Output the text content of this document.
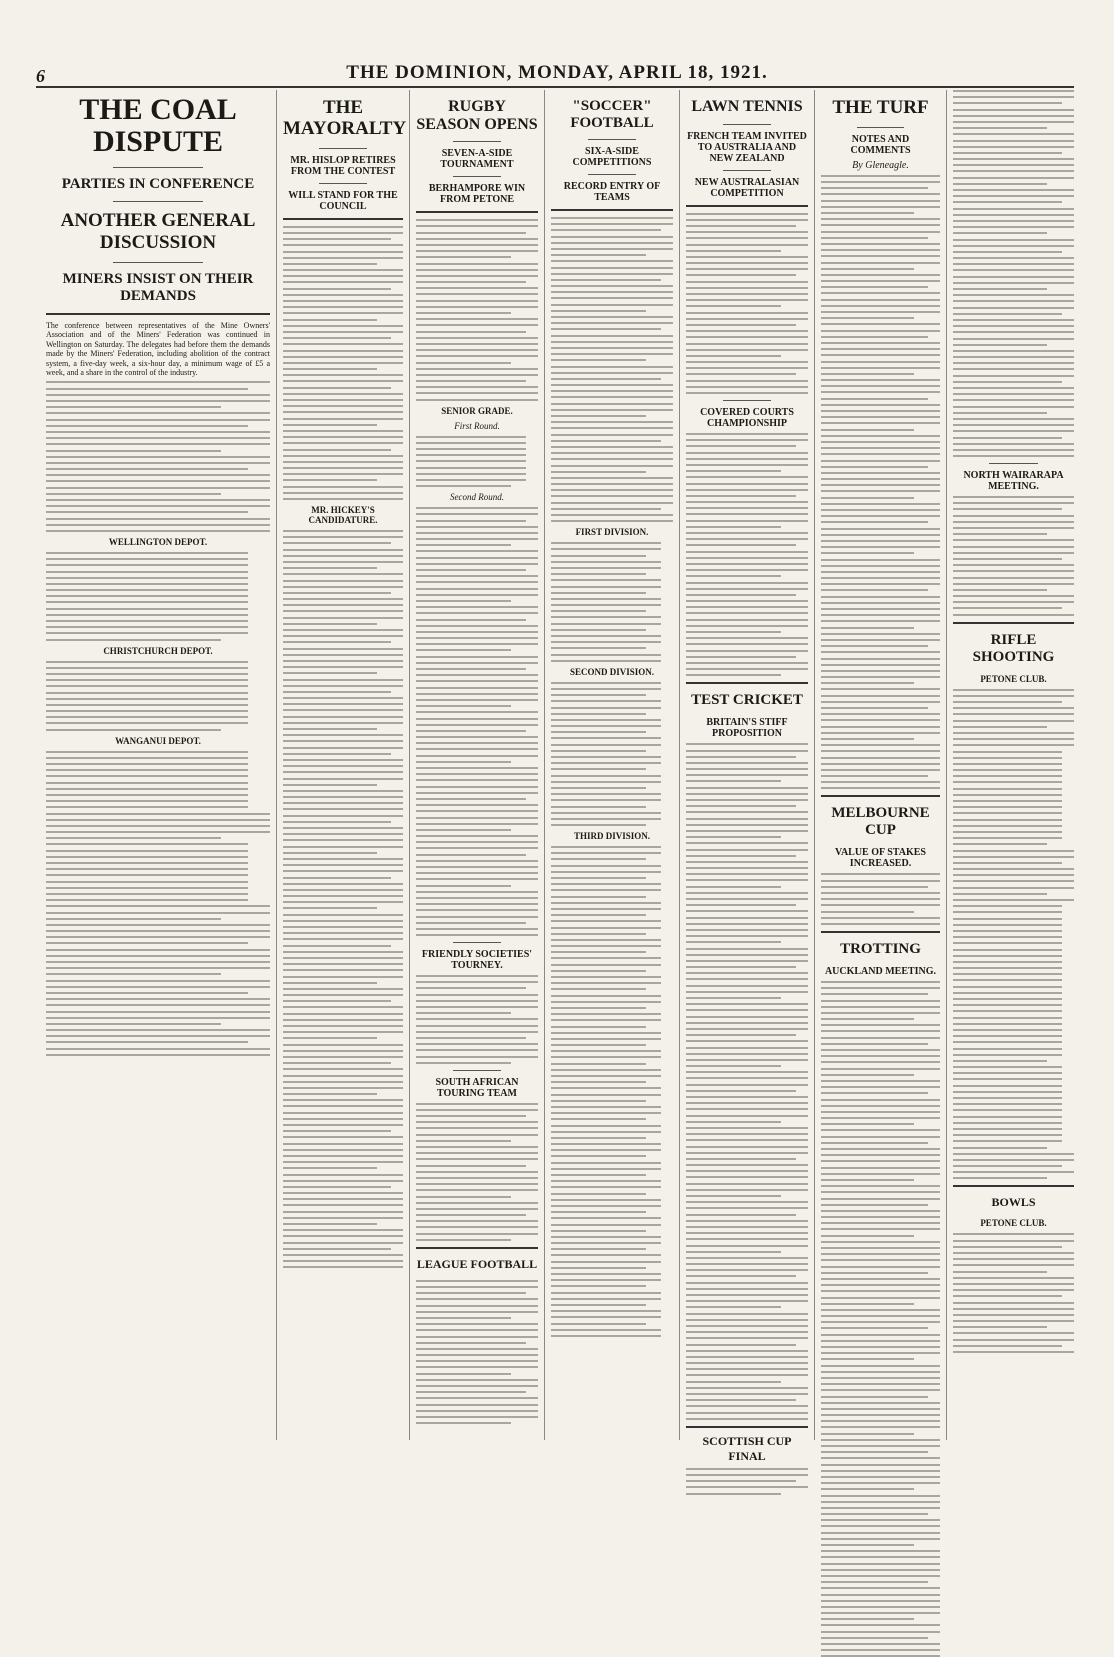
6	THE DOMINION, MONDAY, APRIL 18, 1921.
THE COAL DISPUTE
PARTIES IN CONFERENCE
ANOTHER GENERAL DISCUSSION
MINERS INSIST ON THEIR DEMANDS
The conference between representatives of the Mine Owners' Association and of the Miners' Federation was continued in Wellington on Saturday. The delegates had before them the demands made by the Miners' Federation, including abolition of the contract system, a five-day week, a six-hour day, a minimum wage of £5 a week, and a share in the control of the industry.
WELLINGTON DEPOT.
CHRISTCHURCH DEPOT.
WANGANUI DEPOT.
THE MAYORALTY
MR. HISLOP RETIRES FROM THE CONTEST
WILL STAND FOR THE COUNCIL
MR. HICKEY'S CANDIDATURE.
RUGBY SEASON OPENS
SEVEN-A-SIDE TOURNAMENT
BERHAMPORE WIN FROM PETONE
SENIOR GRADE.
First Round.
Second Round.
FRIENDLY SOCIETIES' TOURNEY.
SOUTH AFRICAN TOURING TEAM
LEAGUE FOOTBALL
"SOCCER" FOOTBALL
SIX-A-SIDE COMPETITIONS
RECORD ENTRY OF TEAMS
FIRST DIVISION.
SECOND DIVISION.
THIRD DIVISION.
LAWN TENNIS
FRENCH TEAM INVITED TO AUSTRALIA AND NEW ZEALAND
NEW AUSTRALASIAN COMPETITION
COVERED COURTS CHAMPIONSHIP
TEST CRICKET
BRITAIN'S STIFF PROPOSITION
SCOTTISH CUP FINAL
THE TURF
NOTES AND COMMENTS
By Gleneagle.
MELBOURNE CUP
VALUE OF STAKES INCREASED.
TROTTING
AUCKLAND MEETING.
NORTH WAIRARAPA MEETING.
RIFLE SHOOTING
PETONE CLUB.
BOWLS
PETONE CLUB.
